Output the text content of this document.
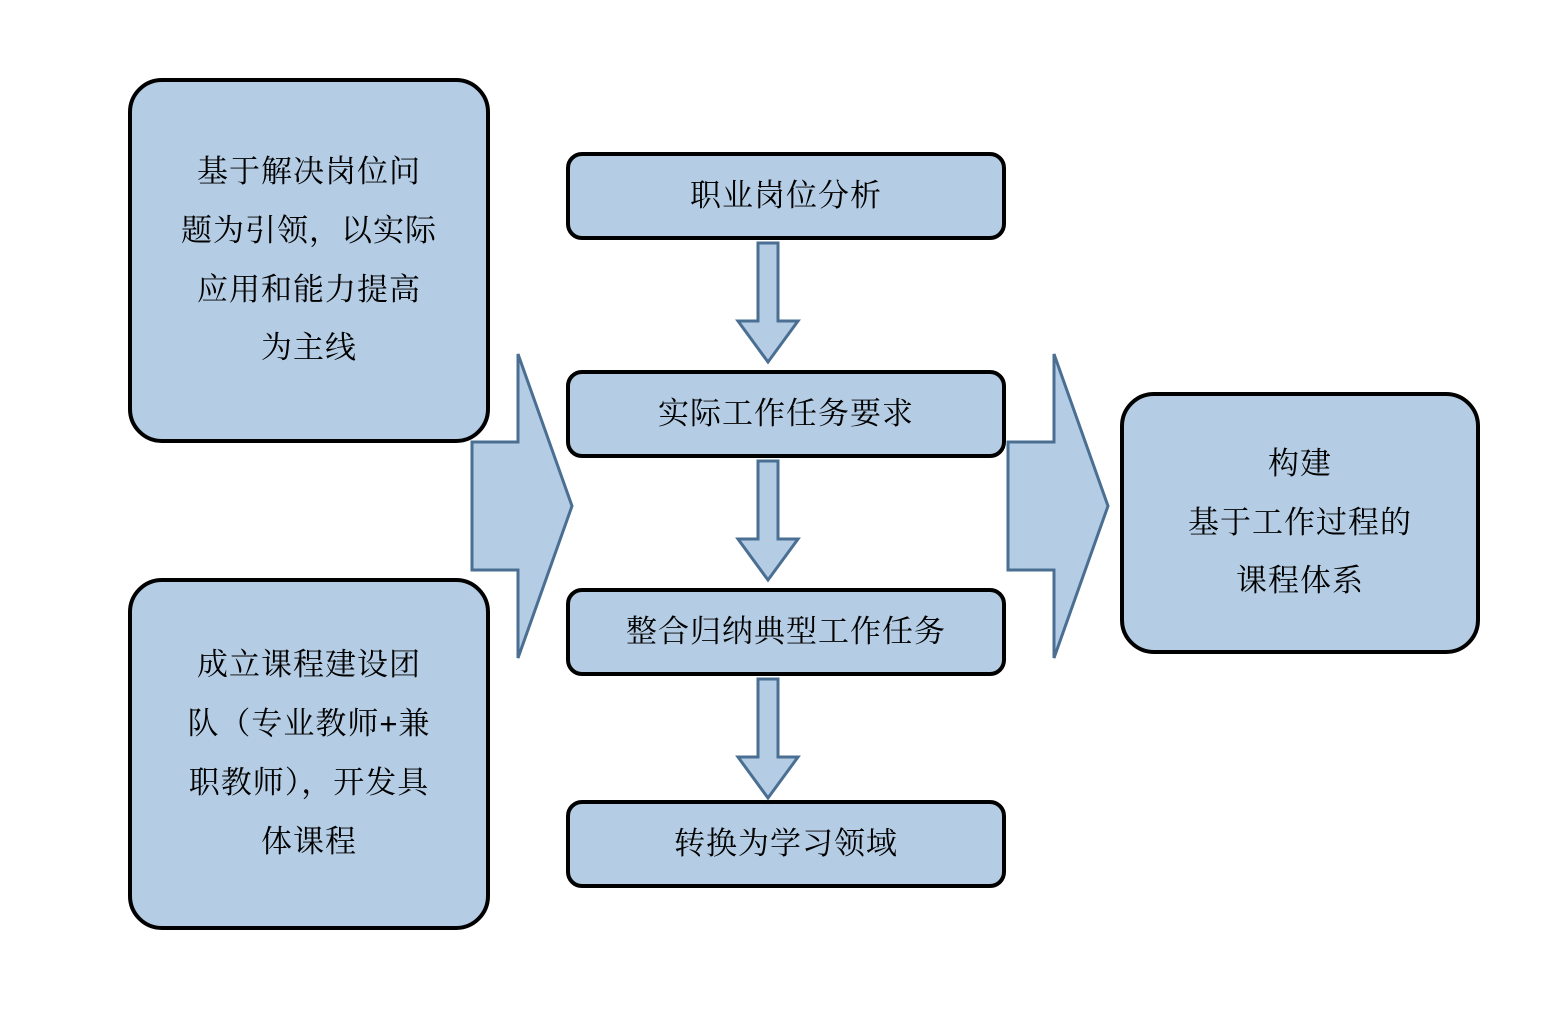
基于解决岗位问
题为引领，以实际
应用和能力提高
为主线
成立课程建设团
队（专业教师+兼
职教师），开发具
体课程
职业岗位分析
实际工作任务要求
整合归纳典型工作任务
转换为学习领域
构建
基于工作过程的
课程体系
